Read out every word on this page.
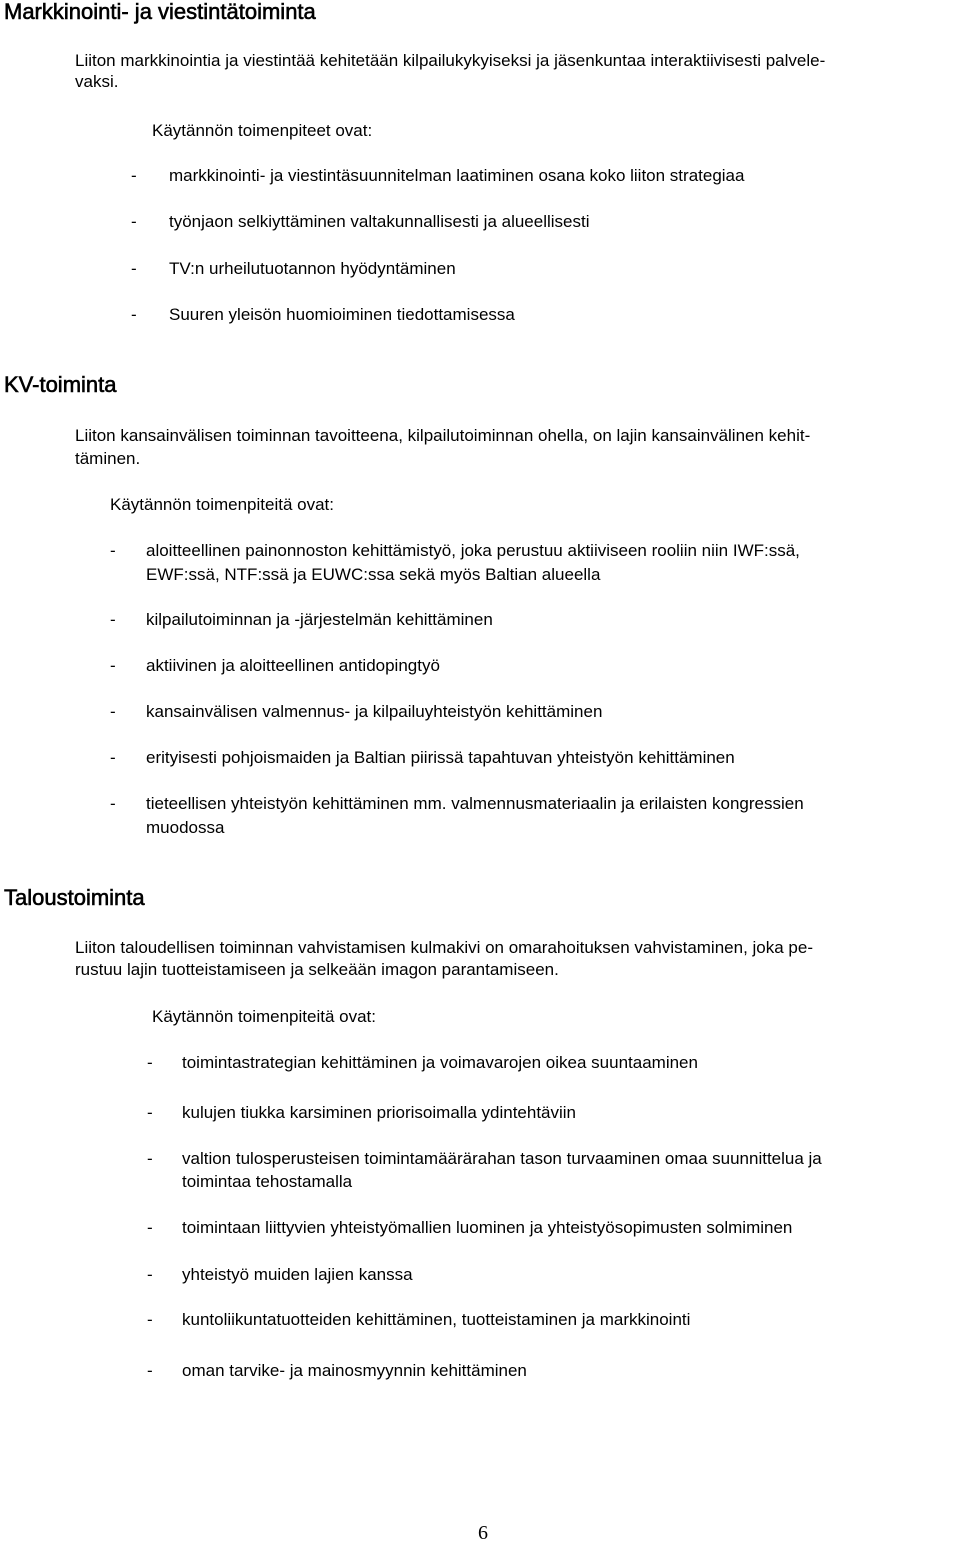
Markkinointi- ja viestintätoiminta

Liiton markkinointia ja viestintää kehitetään kilpailukykyiseksi ja jäsenkuntaa interaktiivisesti palvele-

vaksi.

Käytännön toimenpiteet ovat:

- markkinointi- ja viestintäsuunnitelman laatiminen osana koko liiton strategiaa

- työnjaon selkiyttäminen valtakunnallisesti ja alueellisesti

- TV:n urheilutuotannon hyödyntäminen

- Suuren yleisön huomioiminen tiedottamisessa

KV-toiminta

Liiton kansainvälisen toiminnan tavoitteena, kilpailutoiminnan ohella, on lajin kansainvälinen kehit-

täminen.

Käytännön toimenpiteitä ovat:

- aloitteellinen painonnoston kehittämistyö, joka perustuu aktiiviseen rooliin niin IWF:ssä,

EWF:ssä, NTF:ssä ja EUWC:ssa sekä myös Baltian alueella

- kilpailutoiminnan ja -järjestelmän kehittäminen

- aktiivinen ja aloitteellinen antidopingtyö

- kansainvälisen valmennus- ja kilpailuyhteistyön kehittäminen

- erityisesti pohjoismaiden ja Baltian piirissä tapahtuvan yhteistyön kehittäminen

- tieteellisen yhteistyön kehittäminen mm. valmennusmateriaalin ja erilaisten kongressien

muodossa

Taloustoiminta

Liiton taloudellisen toiminnan vahvistamisen kulmakivi on omarahoituksen vahvistaminen, joka pe-

rustuu lajin tuotteistamiseen ja selkeään imagon parantamiseen.

Käytännön toimenpiteitä ovat:

- toimintastrategian kehittäminen ja voimavarojen oikea suuntaaminen

- kulujen tiukka karsiminen priorisoimalla ydintehtäviin

- valtion tulosperusteisen toimintamäärärahan tason turvaaminen omaa suunnittelua ja

toimintaa tehostamalla

- toimintaan liittyvien yhteistyömallien luominen ja yhteistyösopimusten solmiminen

- yhteistyö muiden lajien kanssa

- kuntoliikuntatuotteiden kehittäminen, tuotteistaminen ja markkinointi

- oman tarvike- ja mainosmyynnin kehittäminen

6
